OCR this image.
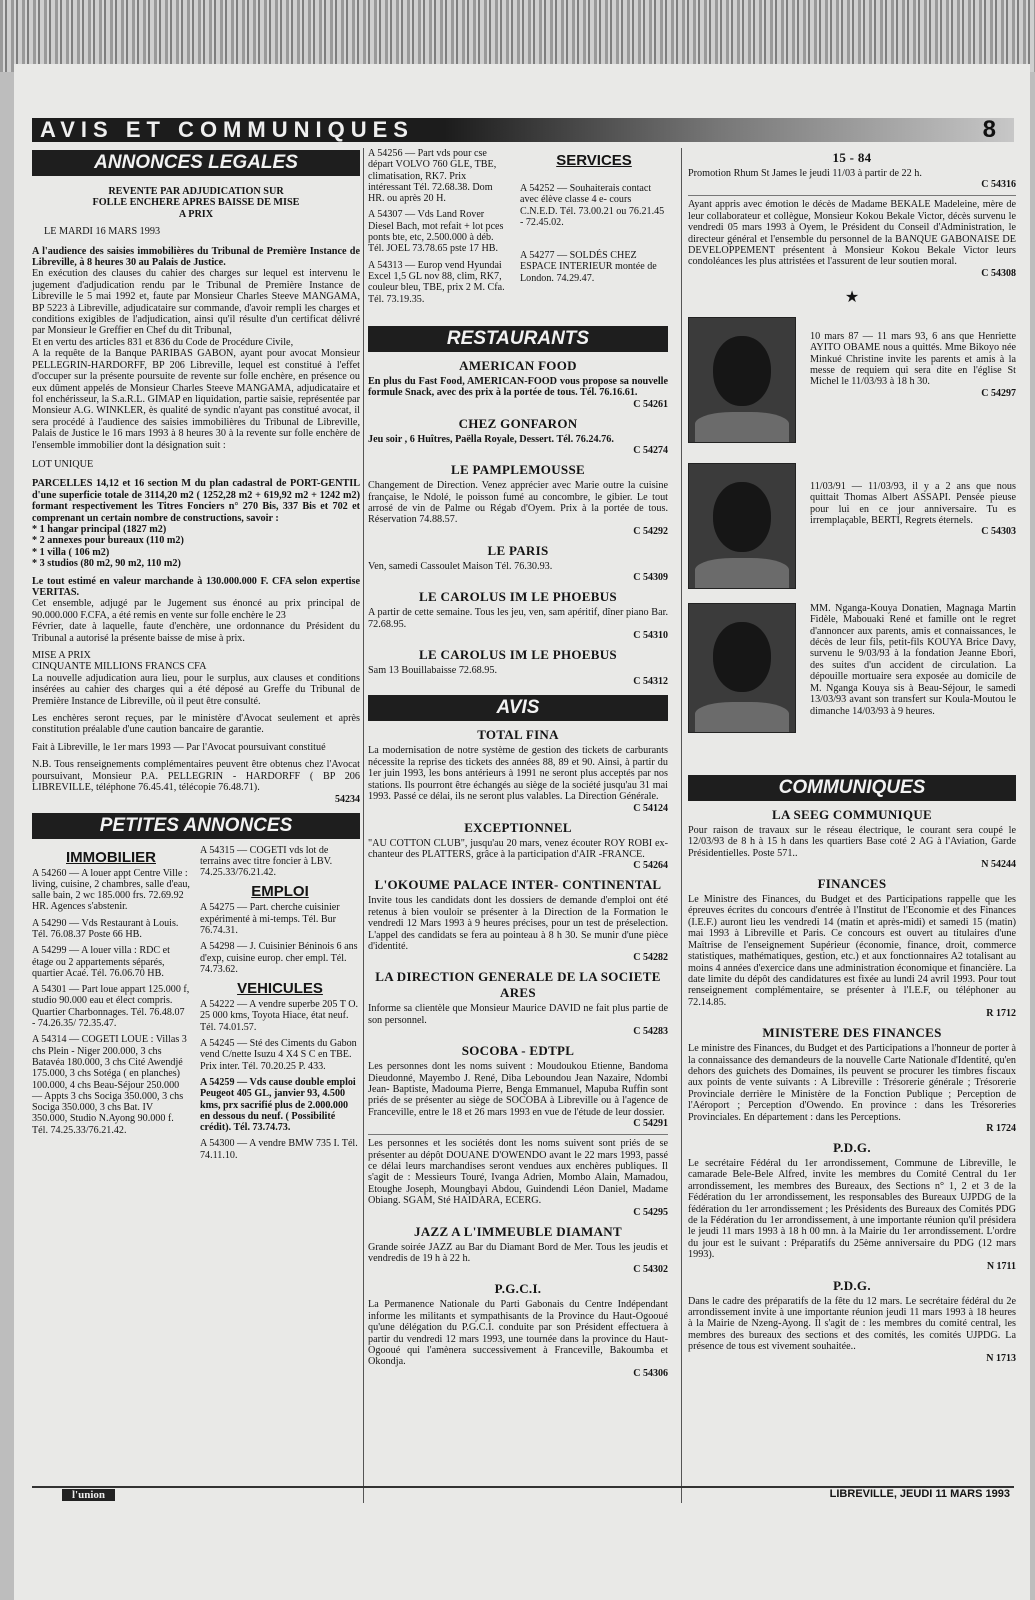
AVIS ET COMMUNIQUES	8
ANNONCES LEGALES
REVENTE PAR ADJUDICATION SUR FOLLE ENCHERE APRES BAISSE DE MISE A PRIX
LE MARDI 16 MARS 1993

A l'audience des saisies immobilières du Tribunal de Première Instance de Libreville, à 8 heures 30 au Palais de Justice.

En exécution des clauses du cahier des charges sur lequel est intervenu le jugement d'adjudication rendu par le Tribunal de Première Instance de Libreville le 5 mai 1992 et, faute par Monsieur Charles Steeve MANGAMA, BP 5223 à Libreville, adjudicataire sur commande, d'avoir rempli les charges et conditions exigibles de l'adjudication, ainsi qu'il résulte d'un certificat délivré par Monsieur le Greffier en Chef du dit Tribunal,

Et en vertu des articles 831 et 836 du Code de Procédure Civile,

A la requête de la Banque PARIBAS GABON, ayant pour avocat Monsieur PELLEGRIN-HARDORFF, BP 206 Libreville, lequel est constitué à l'effet d'occuper sur la présente poursuite de revente sur folle enchère, en présence ou eux dûment appelés de Monsieur Charles Steeve MANGAMA, adjudicataire et fol enchérisseur, la S.a.R.L. GIMAP en liquidation, partie saisie, représentée par Monsieur A.G. WINKLER, ès qualité de syndic n'ayant pas constitué avocat, il sera procédé à l'audience des saisies immobilières du Tribunal de Libreville, Palais de Justice le 16 mars 1993 à 8 heures 30 à la revente sur folle enchère de l'ensemble immobilier dont la désignation suit :

LOT UNIQUE

PARCELLES 14,12 et 16 section M du plan cadastral de PORT-GENTIL d'une superficie totale de 3114,20 m2 ( 1252,28 m2 + 619,92 m2 + 1242 m2) formant respectivement les Titres Fonciers n° 270 Bis, 337 Bis et 702 et comprenant un certain nombre de constructions, savoir :

* 1 hangar principal (1827 m2)
* 2 annexes pour bureaux (110 m2)
* 1 villa ( 106 m2)
* 3 studios (80 m2, 90 m2, 110 m2)

Le tout estimé en valeur marchande à 130.000.000 F. CFA selon expertise VERITAS.

Cet ensemble, adjugé par le Jugement sus énoncé au prix principal de 90.000.000 F.CFA, a été remis en vente sur folle enchère le 23

Février, date à laquelle, faute d'enchère, une ordonnance du Président du Tribunal a autorisé la présente baisse de mise à prix.

MISE A PRIX
CINQUANTE MILLIONS FRANCS CFA

La nouvelle adjudication aura lieu, pour le surplus, aux clauses et conditions insérées au cahier des charges qui a été déposé au Greffe du Tribunal de Première Instance de Libreville, où il peut être consulté.

Les enchères seront reçues, par le ministère d'Avocat seulement et après constitution préalable d'une caution bancaire de garantie.

Fait à Libreville, le 1er mars 1993 — Par l'Avocat poursuivant constitué

N.B. Tous renseignements complémentaires peuvent être obtenus chez l'Avocat poursuivant, Monsieur P.A. PELLEGRIN - HARDORFF ( BP 206 LIBREVILLE, téléphone 76.45.41, télécopie 76.48.71).

54234
PETITES ANNONCES
IMMOBILIER
A 54260 — A louer appt Centre Ville : living, cuisine, 2 chambres, salle d'eau, salle bain, 2 wc 185.000 frs. 72.69.92 HR. Agences s'abstenir.
A 54290 — Vds Restaurant à Louis. Tél. 76.08.37 Poste 66 HB.
A 54299 — A louer villa : RDC et étage ou 2 appartements séparés, quartier Acaé. Tél. 76.06.70 HB.
A 54301 — Part loue appart 125.000 f, studio 90.000 eau et élect compris. Quartier Charbonnages. Tél. 76.48.07 - 74.26.35/ 72.35.47.
A 54314 — COGETI LOUE : Villas 3 chs Plein - Niger 200.000, 3 chs Batavéa 180.000, 3 chs Cité Awendjé 175.000, 3 chs Sotéga ( en planches) 100.000, 4 chs Beau-Séjour 250.000 — Appts 3 chs Sociga 350.000, 3 chs Sociga 350.000, 3 chs Bat. IV 350.000, Studio N.Ayong 90.000 f. Tél. 74.25.33/76.21.42.
A 54315 — COGETI vds lot de terrains avec titre foncier à LBV. 74.25.33/76.21.42.
EMPLOI
A 54275 — Part. cherche cuisinier expérimenté à mi-temps. Tél. Bur 76.74.31.
A 54298 — J. Cuisinier Béninois 6 ans d'exp, cuisine europ. cher empl. Tél. 74.73.62.
VEHICULES
A 54222 — A vendre superbe 205 T O. 25 000 kms, Toyota Hiace, état neuf. Tél. 74.01.57.
A 54245 — Sté des Ciments du Gabon vend C/nette Isuzu 4 X4 S C en TBE. Prix inter. Tél. 70.20.25 P. 433.
A 54259 — Vds cause double emploi Peugeot 405 GL, janvier 93, 4.500 kms, prx sacrifié plus de 2.000.000 en dessous du neuf. ( Possibilité crédit). Tél. 73.74.73.
A 54300 — A vendre BMW 735 I. Tél. 74.11.10.
A 54256 — Part vds pour cse départ VOLVO 760 GLE, TBE, climatisation, RK7. Prix intéressant Tél. 72.68.38. Dom HR. ou après 20 H.
A 54307 — Vds Land Rover Diesel Bach, mot refait + lot pces ponts bte, etc, 2.500.000 à déb. Tél. JOEL 73.78.65 pste 17 HB.
A 54313 — Europ vend Hyundai Excel 1,5 GL nov 88, clim, RK7, couleur bleu, TBE, prix 2 M. Cfa. Tél. 73.19.35.
SERVICES
A 54252 — Souhaiterais contact avec élève classe 4 e- cours C.N.E.D. Tél. 73.00.21 ou 76.21.45 - 72.45.02.
A 54277 — SOLDÉS CHEZ ESPACE INTERIEUR montée de London. 74.29.47.
RESTAURANTS
AMERICAN FOOD

En plus du Fast Food, AMERICAN-FOOD vous propose sa nouvelle formule Snack, avec des prix à la portée de tous. Tél. 76.16.61.

C 54261
CHEZ GONFARON

Jeu soir , 6 Huîtres, Paëlla Royale, Dessert. Tél. 76.24.76.

C 54274
LE PAMPLEMOUSSE

Changement de Direction. Venez apprécier avec Marie outre la cuisine française, le Ndolé, le poisson fumé au concombre, le gibier. Le tout arrosé de vin de Palme ou Régab d'Oyem. Prix à la portée de tous. Réservation 74.88.57.

C 54292
LE PARIS

Ven, samedi Cassoulet Maison Tél. 76.30.93.

C 54309
LE CAROLUS IM LE PHOEBUS

A partir de cette semaine. Tous les jeu, ven, sam apéritif, dîner piano Bar. 72.68.95.

C 54310
LE CAROLUS IM LE PHOEBUS

Sam 13 Bouillabaisse 72.68.95.

C 54312
AVIS
TOTAL FINA

La modernisation de notre système de gestion des tickets de carburants nécessite la reprise des tickets des années 88, 89 et 90. Ainsi, à partir du 1er juin 1993, les bons antérieurs à 1991 ne seront plus acceptés par nos stations. Ils pourront être échangés au siège de la société jusqu'au 31 mai 1993. Passé ce délai, ils ne seront plus valables. La Direction Générale.

C 54124
EXCEPTIONNEL

"AU COTTON CLUB", jusqu'au 20 mars, venez écouter ROY ROBI ex-chanteur des PLATTERS, grâce à la participation d'AIR -FRANCE.

C 54264
L'OKOUME PALACE INTER- CONTINENTAL

Invite tous les candidats dont les dossiers de demande d'emploi ont été retenus à bien vouloir se présenter à la Direction de la Formation le vendredi 12 Mars 1993 à 9 heures précises, pour un test de préselection. L'appel des candidats se fera au pointeau à 8 h 30. Se munir d'une pièce d'identité.

C 54282
LA DIRECTION GENERALE DE LA SOCIETE ARES

Informe sa clientèle que Monsieur Maurice DAVID ne fait plus partie de son personnel.

C 54283
SOCOBA - EDTPL

Les personnes dont les noms suivent : Moudoukou Etienne, Bandoma Dieudonné, Mayembo J. René, Diba Leboundou Jean Nazaire, Ndombi Jean- Baptiste, Madouma Pierre, Benga Emmanuel, Mapuba Ruffin sont priés de se présenter au siège de SOCOBA à Libreville ou à l'agence de Franceville, entre le 18 et 26 mars 1993 en vue de l'étude de leur dossier.

C 54291

Les personnes et les sociétés dont les noms suivent sont priés de se présenter au dépôt DOUANE D'OWENDO avant le 22 mars 1993, passé ce délai leurs marchandises seront vendues aux enchères publiques. Il s'agit de : Messieurs Touré, Ivanga Adrien, Mombo Alain, Mamadou, Etoughe Joseph, Moungbayi Abdou, Guindendi Léon Daniel, Madame Obiang. SGAM, Sté HAIDARA, ECERG.

C 54295
JAZZ A L'IMMEUBLE DIAMANT

Grande soirée JAZZ au Bar du Diamant Bord de Mer. Tous les jeudis et vendredis de 19 h à 22 h.

C 54302
P.G.C.I.

La Permanence Nationale du Parti Gabonais du Centre Indépendant informe les militants et sympathisants de la Province du Haut-Ogooué qu'une délégation du P.G.C.I. conduite par son Président effectuera à partir du vendredi 12 mars 1993, une tournée dans la province du Haut-Ogooué qui l'amènera successivement à Franceville, Bakoumba et Okondja.

C 54306
15 - 84

Promotion Rhum St James le jeudi 11/03 à partir de 22 h.

C 54316

Ayant appris avec émotion le décès de Madame BEKALE Madeleine, mère de leur collaborateur et collègue, Monsieur Kokou Bekale Victor, décès survenu le vendredi 05 mars 1993 à Oyem, le Président du Conseil d'Administration, le directeur général et l'ensemble du personnel de la BANQUE GABONAISE DE DEVELOPPEMENT présentent à Monsieur Kokou Bekale Victor leurs condoléances les plus attristées et l'assurent de leur soutien moral.

C 54308
★

10 mars 87 — 11 mars 93, 6 ans que Henriette AYITO OBAME nous a quittés. Mme Bikoyo née Minkué Christine invite les parents et amis à la messe de requiem qui sera dite en l'église St Michel le 11/03/93 à 18 h 30.

C 54297

11/03/91 — 11/03/93, il y a 2 ans que nous quittait Thomas Albert ASSAPI. Pensée pieuse pour lui en ce jour anniversaire. Tu es irremplaçable, BERTI, Regrets éternels.

C 54303

MM. Nganga-Kouya Donatien, Magnaga Martin Fidèle, Mabouaki René et famille ont le regret d'annoncer aux parents, amis et connaissances, le décès de leur fils, petit-fils KOUYA Brice Davy, survenu le 9/03/93 à la fondation Jeanne Ebori, des suites d'un accident de circulation. La dépouille mortuaire sera exposée au domicile de M. Nganga Kouya sis à Beau-Séjour, le samedi 13/03/93 avant son transfert sur Koula-Moutou le dimanche 14/03/93 à 9 heures.

COMMUNIQUES
LA SEEG COMMUNIQUE

Pour raison de travaux sur le réseau électrique, le courant sera coupé le 12/03/93 de 8 h à 15 h dans les quartiers Base coté 2 AG à l'Aviation, Garde Présidentielles. Poste 571..

N 54244
FINANCES

Le Ministre des Finances, du Budget et des Participations rappelle que les épreuves écrites du concours d'entrée à l'Institut de l'Economie et des Finances (I.E.F.) auront lieu les vendredi 14 (matin et après-midi) et samedi 15 (matin) mai 1993 à Libreville et Paris. Ce concours est ouvert au titulaires d'une Maîtrise de l'enseignement Supérieur (économie, finance, droit, commerce statistiques, mathématiques, gestion, etc.) et aux fonctionnaires A2 totalisant au moins 4 années d'exercice dans une administration économique et financière. La date limite du dépôt des candidatures est fixée au lundi 24 avril 1993. Pour tout renseignement complémentaire, se présenter à l'I.E.F, ou téléphoner au 72.14.85.

R 1712
MINISTERE DES FINANCES

Le ministre des Finances, du Budget et des Participations a l'honneur de porter à la connaissance des demandeurs de la nouvelle Carte Nationale d'Identité, qu'en dehors des guichets des Domaines, ils peuvent se procurer les timbres fiscaux aux points de vente suivants : A Libreville : Trésorerie générale ; Trésorerie Provinciale derrière le Ministère de la Fonction Publique ; Perception de l'Aéroport ; Perception d'Owendo. En province : dans les Trésoreries Provinciales. En département : dans les Perceptions.

R 1724
P.D.G.

Le secrétaire Fédéral du 1er arrondissement, Commune de Libreville, le camarade Bele-Bele Alfred, invite les membres du Comité Central du 1er arrondissement, les membres des Bureaux, des Sections n° 1, 2 et 3 de la Fédération du 1er arrondissement, les responsables des Bureaux UJPDG de la fédération du 1er arrondissement ; les Présidents des Bureaux des Comités PDG de la Fédération du 1er arrondissement, à une importante réunion qu'il présidera le jeudi 11 mars 1993 à 18 h 00 mn. à la Mairie du 1er arrondissement. L'ordre du jour est le suivant : Préparatifs du 25ème anniversaire du PDG (12 mars 1993).

N 1711
P.D.G.

Dans le cadre des préparatifs de la fête du 12 mars. Le secrétaire fédéral du 2e arrondissement invite à une importante réunion jeudi 11 mars 1993 à 18 heures à la Mairie de Nzeng-Ayong. Il s'agit de : les membres du comité central, les membres des bureaux des sections et des comités, les comités UJPDG. La présence de tous est vivement souhaitée..

N 1713
l'union	LIBREVILLE, JEUDI 11 MARS 1993
